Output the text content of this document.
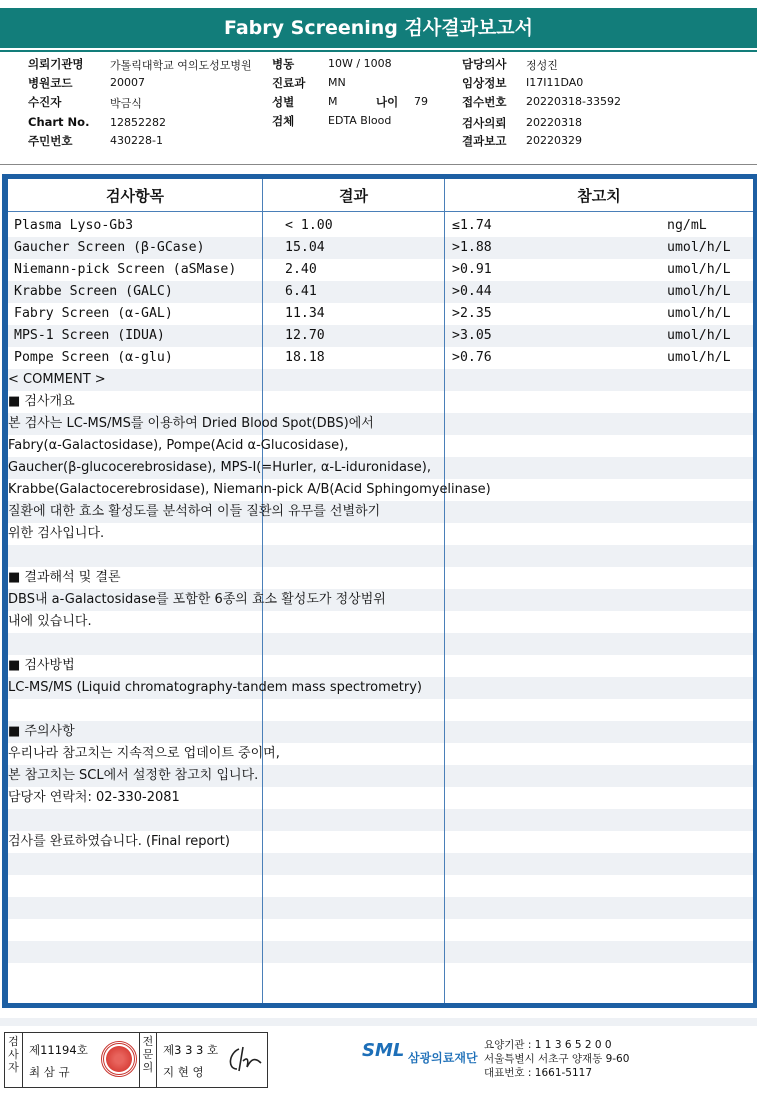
Fabry Screening 검사결과보고서
의뢰기관명 가톨릭대학교 여의도성모병원
병원코드	20007
수진자	박금식
Chart No. 12852282
주민번호	430228-1
병동	10W / 1008
진료과 MN
성별	M	나이 79
검체	EDTA Blood
담당의사 정성진
임상정보 I17I11DA0
접수번호 20220318-33592
검사의뢰 20220318
결과보고 20220329
검사항목	결과	참고치
Plasma Lyso-Gb3	< 1.00	≤1.74	ng/mL
Gaucher Screen (β-GCase)	15.04	>1.88	umol/h/L
Niemann-pick Screen (aSMase)	2.40	>0.91	umol/h/L
Krabbe Screen (GALC)	6.41	>0.44	umol/h/L
Fabry Screen (α-GAL)	11.34	>2.35	umol/h/L
MPS-1 Screen (IDUA)	12.70	>3.05	umol/h/L
Pompe Screen (α-glu)	18.18	>0.76	umol/h/L
< COMMENT >
■ 검사개요
본 검사는 LC-MS/MS를 이용하여 Dried Blood Spot(DBS)에서
Fabry(α-Galactosidase), Pompe(Acid α-Glucosidase),
Gaucher(β-glucocerebrosidase), MPS-I(=Hurler, α-L-iduronidase),
Krabbe(Galactocerebrosidase), Niemann-pick A/B(Acid Sphingomyelinase)
질환에 대한 효소 활성도를 분석하여 이들 질환의 유무를 선별하기
위한 검사입니다.
■ 결과해석 및 결론
DBS내 a-Galactosidase를 포함한 6종의 효소 활성도가 정상범위
내에 있습니다.
■ 검사방법
LC-MS/MS (Liquid chromatography-tandem mass spectrometry)
■ 주의사항
우리나라 참고치는 지속적으로 업데이트 중이며,
본 참고치는 SCL에서 설정한 참고치 입니다.
담당자 연락처: 02-330-2081
검사를 완료하였습니다. (Final report)
검사자
제11194호
최 삼 규
전문의
제3 3 3 호
지 현 영
SML 삼광의료재단
요양기관 : 1 1 3 6 5 2 0 0
서울특별시 서초구 양재동 9-60
대표번호 : 1661-5117
